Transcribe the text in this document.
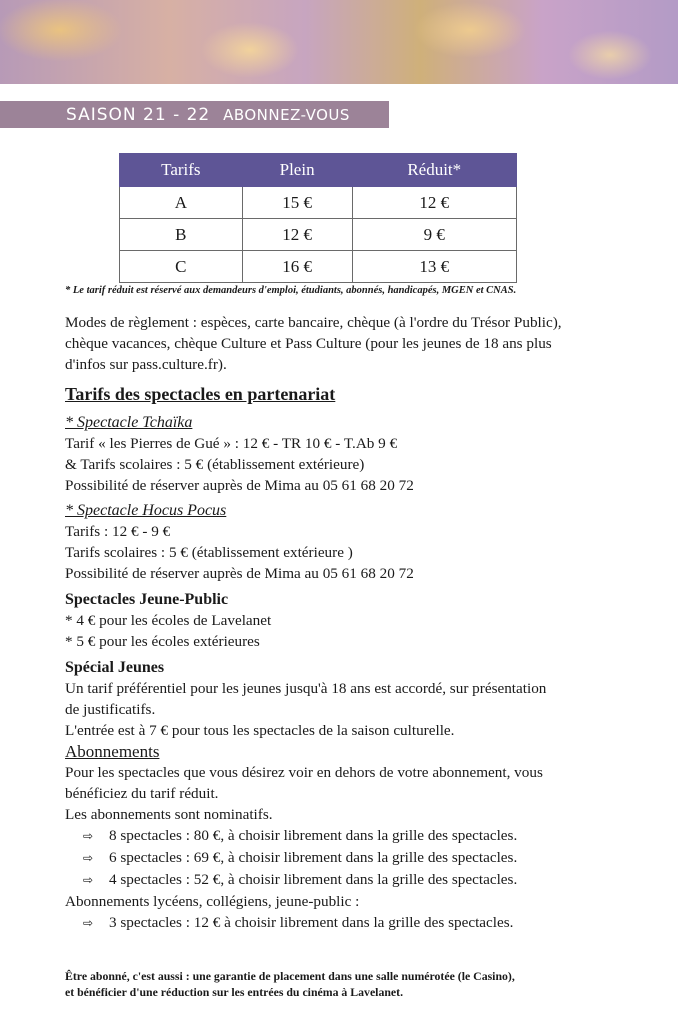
SAISON 21 - 22 ABONNEZ-VOUS
Tarifs	Plein	Réduit*
A	15 €	12 €
B	12 €	9 €
C	16 €	13 €
* Le tarif réduit est réservé aux demandeurs d'emploi, étudiants, abonnés, handicapés, MGEN et CNAS.

Modes de règlement : espèces, carte bancaire, chèque (à l'ordre du Trésor Public),

chèque vacances, chèque Culture et Pass Culture (pour les jeunes de 18 ans plus

d'infos sur pass.culture.fr).

Tarifs des spectacles en partenariat

* Spectacle Tchaïka

Tarif « les Pierres de Gué » : 12 € - TR 10 € - T.Ab 9 €

& Tarifs scolaires : 5 € (établissement extérieure)

Possibilité de réserver auprès de Mima au 05 61 68 20 72

* Spectacle Hocus Pocus

Tarifs : 12 € - 9 €

Tarifs scolaires : 5 € (établissement extérieure )

Possibilité de réserver auprès de Mima au 05 61 68 20 72

Spectacles Jeune-Public

* 4 € pour les écoles de Lavelanet

* 5 € pour les écoles extérieures

Spécial Jeunes

Un tarif préférentiel pour les jeunes jusqu'à 18 ans est accordé, sur présentation

de justificatifs.

L'entrée est à 7 € pour tous les spectacles de la saison culturelle.

Abonnements

Pour les spectacles que vous désirez voir en dehors de votre abonnement, vous

bénéficiez du tarif réduit.

Les abonnements sont nominatifs.

⇨ 8 spectacles : 80 €, à choisir librement dans la grille des spectacles.

⇨ 6 spectacles : 69 €, à choisir librement dans la grille des spectacles.

⇨ 4 spectacles : 52 €, à choisir librement dans la grille des spectacles.

Abonnements lycéens, collégiens, jeune-public :

⇨ 3 spectacles : 12 € à choisir librement dans la grille des spectacles.

Être abonné, c'est aussi : une garantie de placement dans une salle numérotée (le Casino),
et bénéficier d'une réduction sur les entrées du cinéma à Lavelanet.
